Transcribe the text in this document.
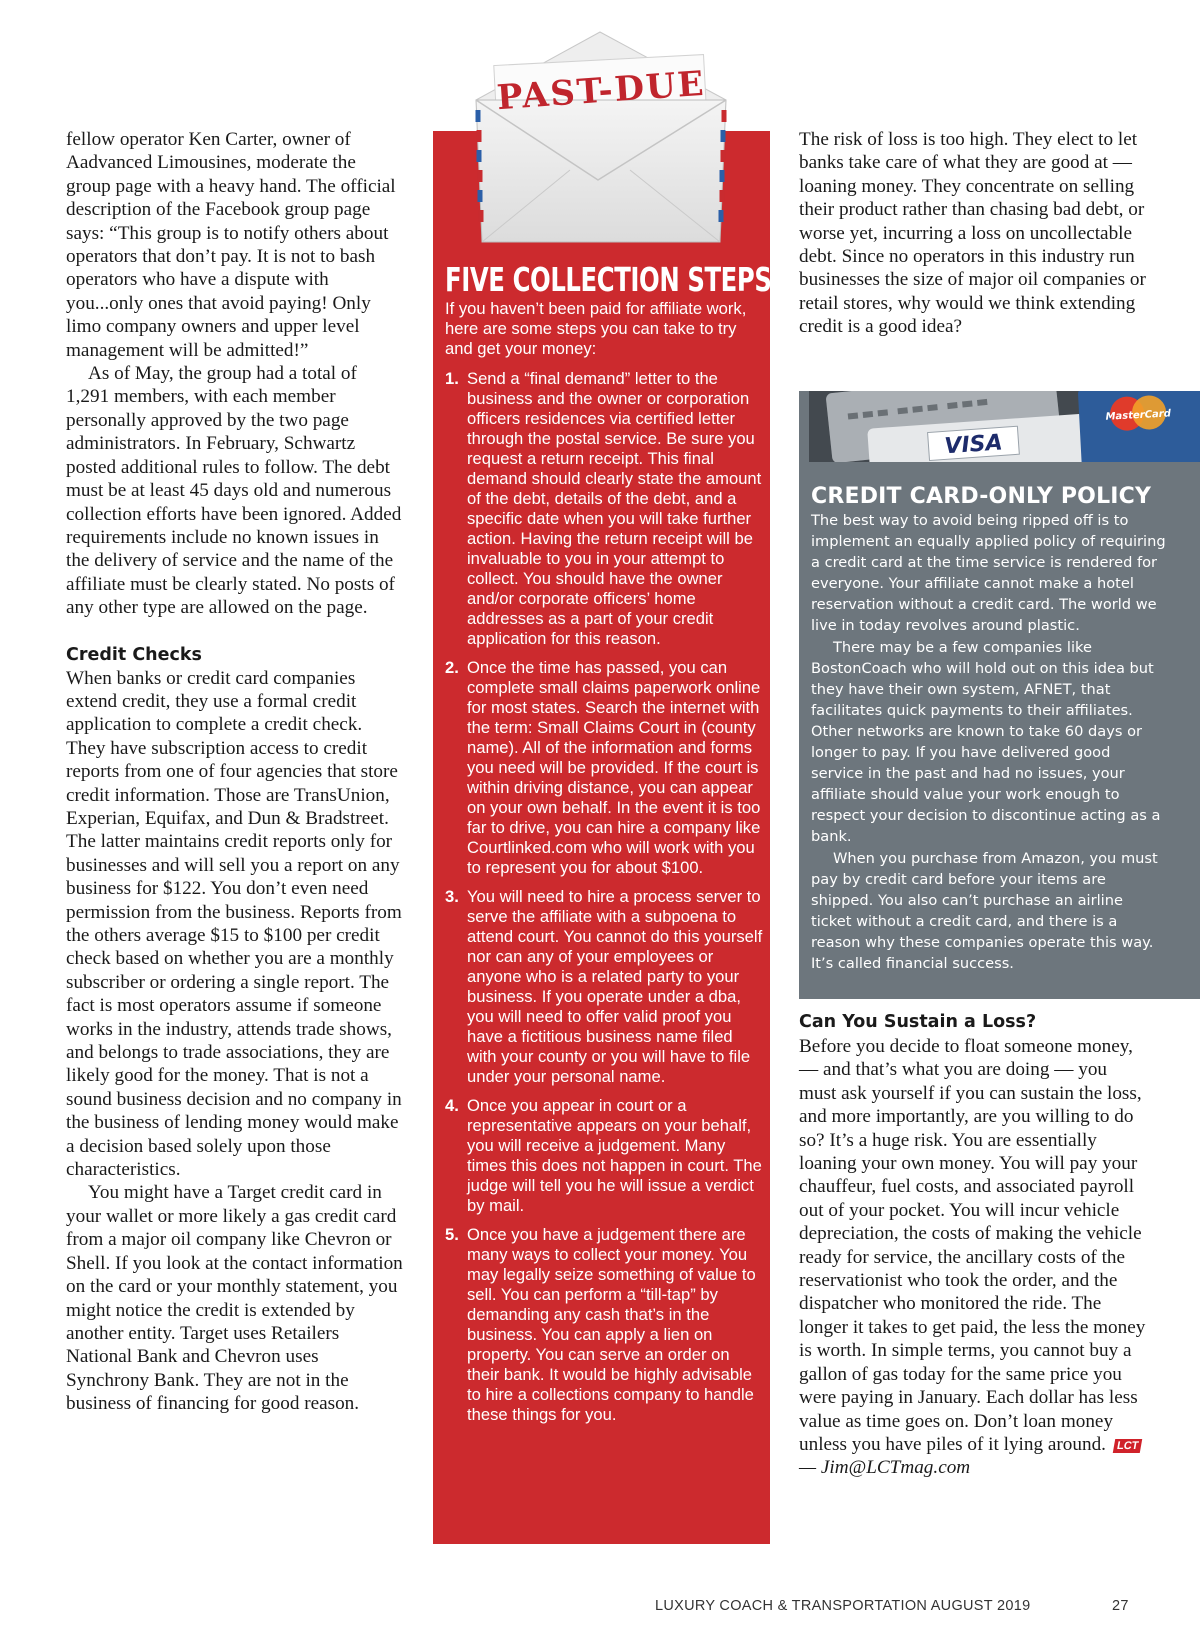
fellow operator Ken Carter, owner of Aadvanced Limousines, moderate the group page with a heavy hand. The official description of the Facebook group page says: “This group is to notify others about operators that don’t pay. It is not to bash operators who have a dispute with you...only ones that avoid paying! Only limo company owners and upper level management will be admitted!”

As of May, the group had a total of 1,291 members, with each member personally approved by the two page administrators. In February, Schwartz posted additional rules to follow. The debt must be at least 45 days old and numerous collection efforts have been ignored. Added requirements include no known issues in the delivery of service and the name of the affiliate must be clearly stated. No posts of any other type are allowed on the page.

Credit Checks

When banks or credit card companies extend credit, they use a formal credit application to complete a credit check. They have subscription access to credit reports from one of four agencies that store credit information. Those are TransUnion, Experian, Equifax, and Dun & Bradstreet. The latter maintains credit reports only for businesses and will sell you a report on any business for $122. You don’t even need permission from the business. Reports from the others average $15 to $100 per credit check based on whether you are a monthly subscriber or ordering a single report. The fact is most operators assume if someone works in the industry, attends trade shows, and belongs to trade associations, they are likely good for the money. That is not a sound business decision and no company in the business of lending money would make a decision based solely upon those characteristics.

You might have a Target credit card in your wallet or more likely a gas credit card from a major oil company like Chevron or Shell. If you look at the contact information on the card or your monthly statement, you might notice the credit is extended by another entity. Target uses Retailers National Bank and Chevron uses Synchrony Bank. They are not in the business of financing for good reason.

PAST-DUE
FIVE COLLECTION STEPS
If you haven’t been paid for affiliate work, here are some steps you can take to try and get your money:
1. Send a “final demand” letter to the business and the owner or corporation officers residences via certified letter through the postal service. Be sure you request a return receipt. This final demand should clearly state the amount of the debt, details of the debt, and a specific date when you will take further action. Having the return receipt will be invaluable to you in your attempt to collect. You should have the owner and/or corporate officers’ home addresses as a part of your credit application for this reason.
2. Once the time has passed, you can complete small claims paperwork online for most states. Search the internet with the term: Small Claims Court in (county name). All of the information and forms you need will be provided. If the court is within driving distance, you can appear on your own behalf. In the event it is too far to drive, you can hire a company like Courtlinked.com who will work with you to represent you for about $100.
3. You will need to hire a process server to serve the affiliate with a subpoena to attend court. You cannot do this yourself nor can any of your employees or anyone who is a related party to your business. If you operate under a dba, you will need to offer valid proof you have a fictitious business name filed with your county or you will have to file under your personal name.
4. Once you appear in court or a representative appears on your behalf, you will receive a judgement. Many times this does not happen in court. The judge will tell you he will issue a verdict by mail.
5. Once you have a judgement there are many ways to collect your money. You may legally seize something of value to sell. You can perform a “till-tap” by demanding any cash that’s in the business. You can apply a lien on property. You can serve an order on their bank. It would be highly advisable to hire a collections company to handle these things for you.

The risk of loss is too high. They elect to let banks take care of what they are good at — loaning money. They concentrate on selling their product rather than chasing bad debt, or worse yet, incurring a loss on uncollectable debt. Since no operators in this industry run businesses the size of major oil companies or retail stores, why would we think extending credit is a good idea?

VISA
MasterCard
CREDIT CARD-ONLY POLICY

The best way to avoid being ripped off is to implement an equally applied policy of requiring a credit card at the time service is rendered for everyone. Your affiliate cannot make a hotel reservation without a credit card. The world we live in today revolves around plastic.

There may be a few companies like BostonCoach who will hold out on this idea but they have their own system, AFNET, that facilitates quick payments to their affiliates. Other networks are known to take 60 days or longer to pay. If you have delivered good service in the past and had no issues, your affiliate should value your work enough to respect your decision to discontinue acting as a bank.

When you purchase from Amazon, you must pay by credit card before your items are shipped. You also can’t purchase an airline ticket without a credit card, and there is a reason why these companies operate this way. It’s called financial success.

Can You Sustain a Loss?

Before you decide to float someone money, — and that’s what you are doing — you must ask yourself if you can sustain the loss, and more importantly, are you willing to do so? It’s a huge risk. You are essentially loaning your own money. You will pay your chauffeur, fuel costs, and associated payroll out of your pocket. You will incur vehicle depreciation, the costs of making the vehicle ready for service, the ancillary costs of the reservationist who took the order, and the dispatcher who monitored the ride. The longer it takes to get paid, the less the money is worth. In simple terms, you cannot buy a gallon of gas today for the same price you were paying in January. Each dollar has less value as time goes on. Don’t loan money unless you have piles of it lying around. LCT

— Jim@LCTmag.com

LUXURY COACH & TRANSPORTATION AUGUST 2019	27
